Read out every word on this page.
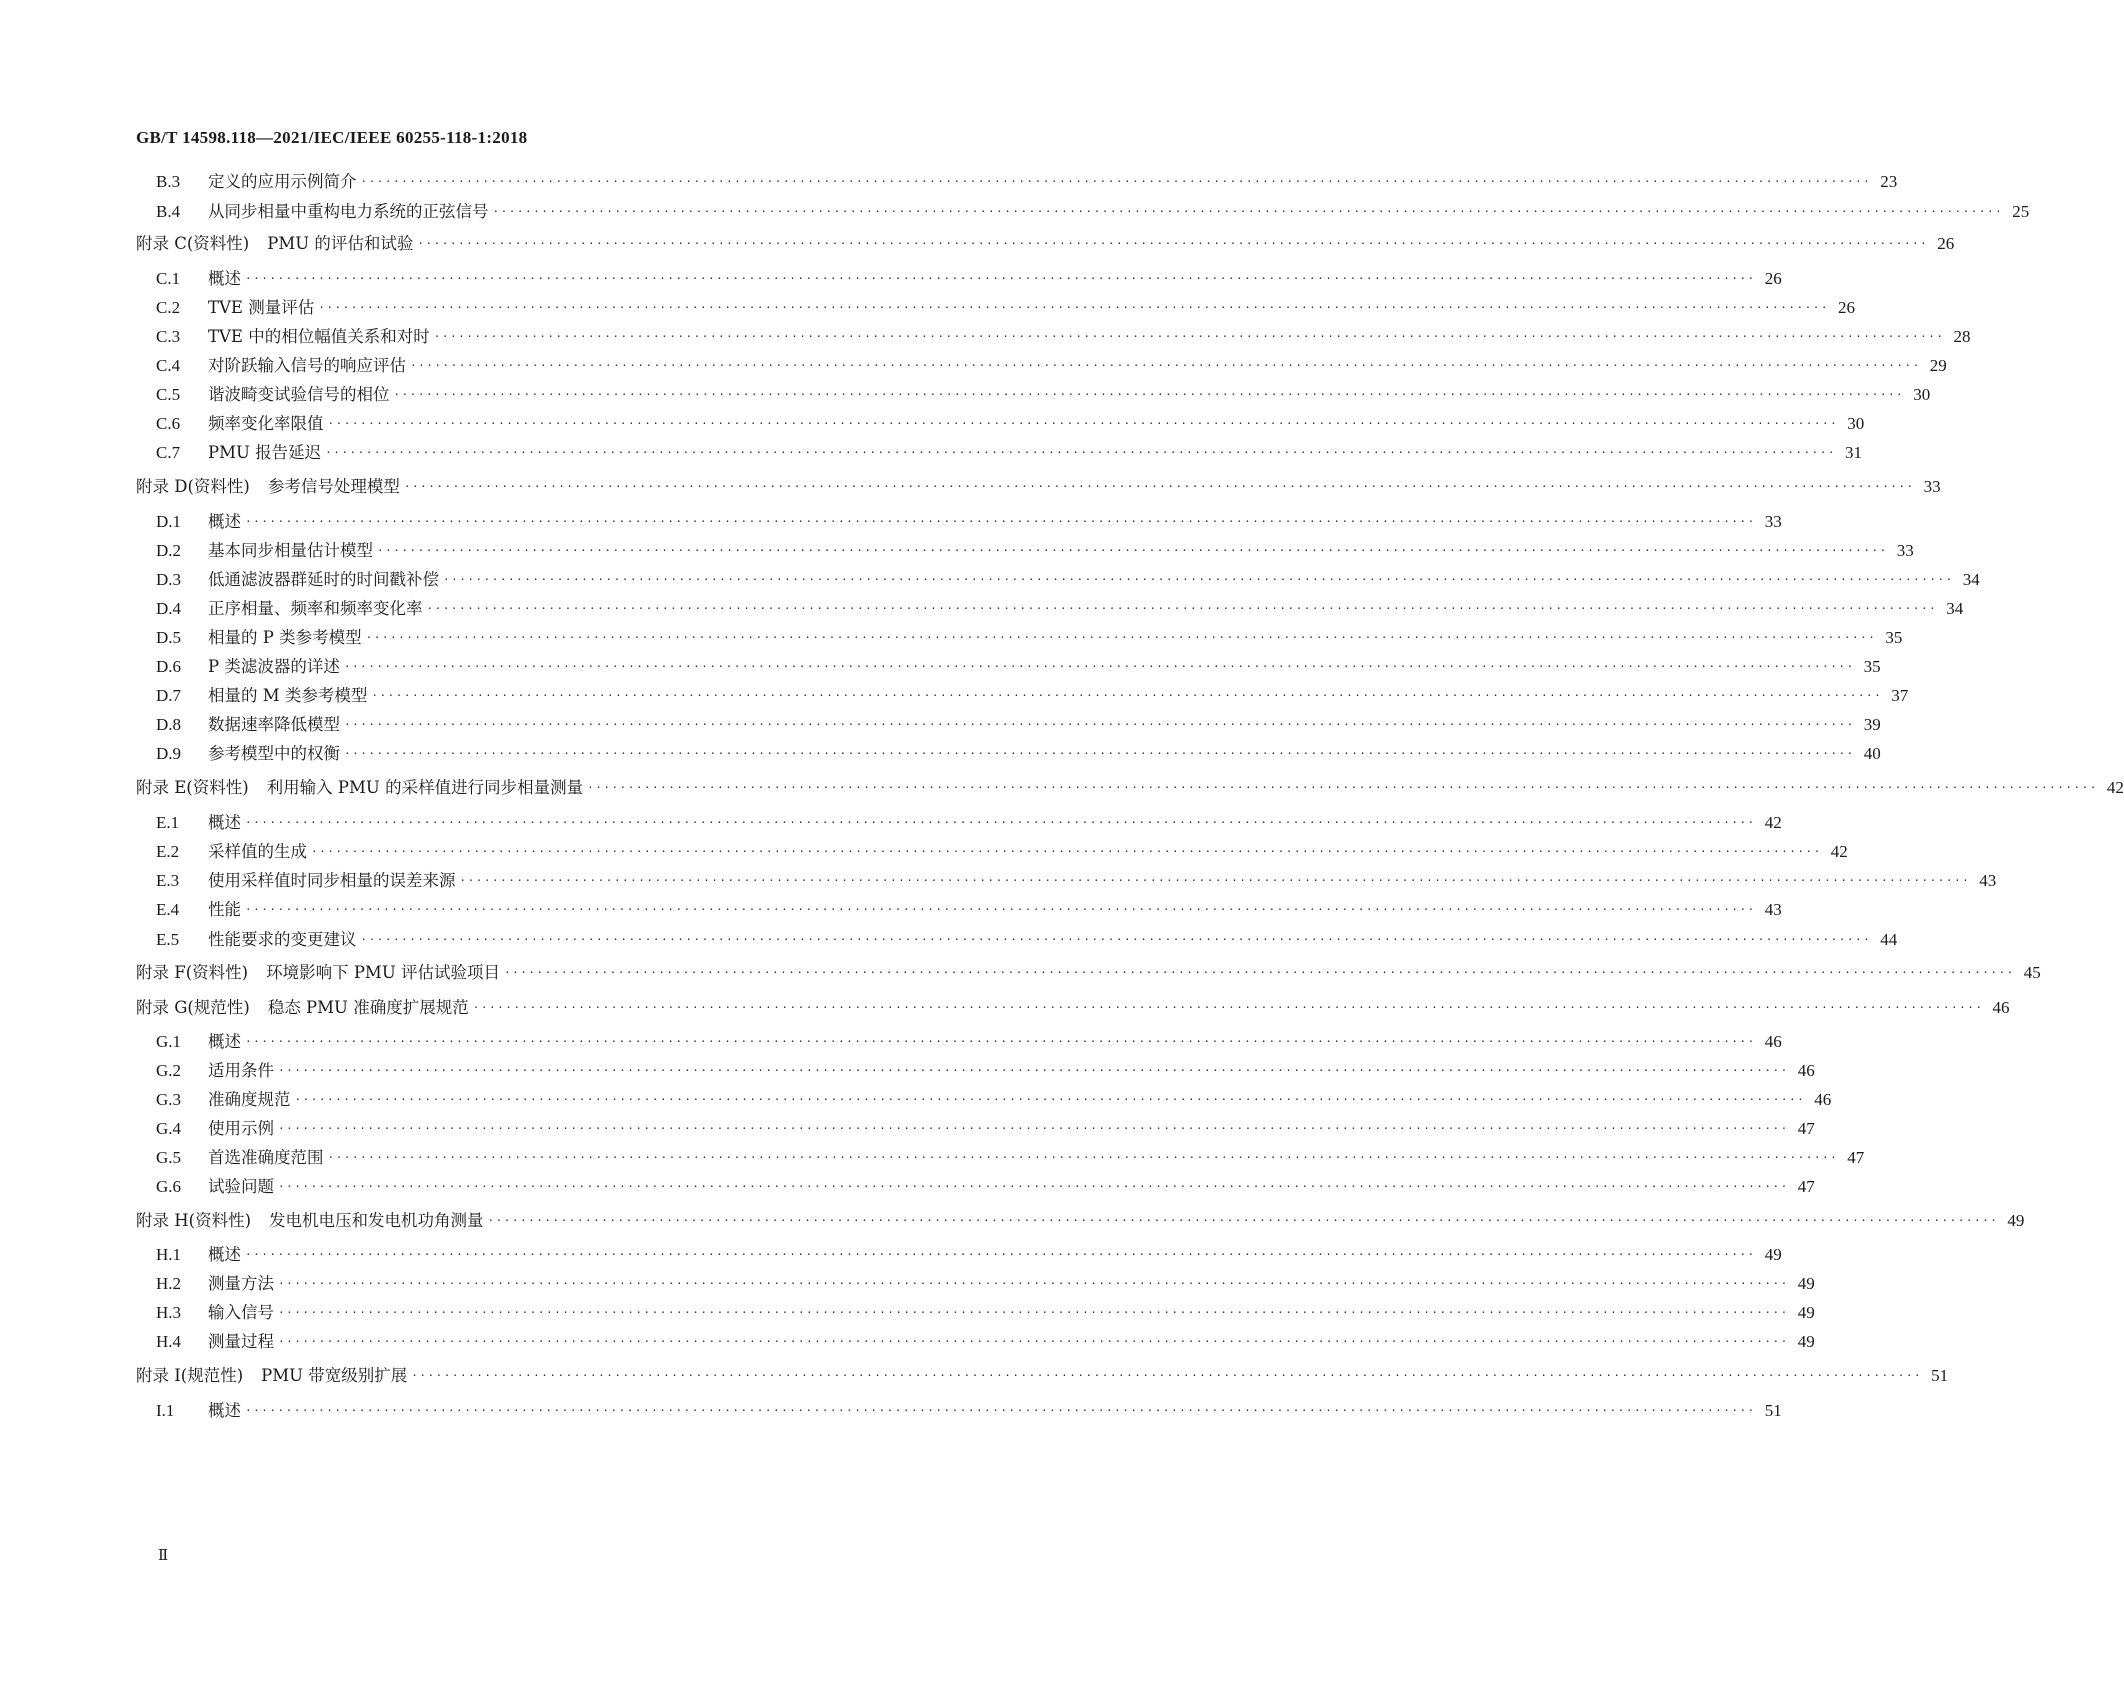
GB/T 14598.118—2021/IEC/IEEE 60255-118-1:2018
B.3	定义的应用示例简介 ·························································································································································································· 23
B.4	从同步相量中重构电力系统的正弦信号 ·························································································································································································· 25
附录 C(资料性) PMU 的评估和试验 ·························································································································································································· 26
C.1	概述 ·························································································································································································· 26
C.2	TVE 测量评估 ·························································································································································································· 26
C.3	TVE 中的相位幅值关系和对时 ·························································································································································································· 28
C.4	对阶跃输入信号的响应评估 ·························································································································································································· 29
C.5	谐波畸变试验信号的相位 ·························································································································································································· 30
C.6	频率变化率限值 ·························································································································································································· 30
C.7	PMU 报告延迟 ·························································································································································································· 31
附录 D(资料性) 参考信号处理模型 ·························································································································································································· 33
D.1	概述 ·························································································································································································· 33
D.2	基本同步相量估计模型 ·························································································································································································· 33
D.3	低通滤波器群延时的时间戳补偿 ·························································································································································································· 34
D.4	正序相量、频率和频率变化率 ·························································································································································································· 34
D.5	相量的 P 类参考模型 ·························································································································································································· 35
D.6	P 类滤波器的详述 ·························································································································································································· 35
D.7	相量的 M 类参考模型 ·························································································································································································· 37
D.8	数据速率降低模型 ·························································································································································································· 39
D.9	参考模型中的权衡 ·························································································································································································· 40
附录 E(资料性) 利用输入 PMU 的采样值进行同步相量测量 ·························································································································································································· 42
E.1	概述 ·························································································································································································· 42
E.2	采样值的生成 ·························································································································································································· 42
E.3	使用采样值时同步相量的误差来源 ·························································································································································································· 43
E.4	性能 ·························································································································································································· 43
E.5	性能要求的变更建议 ·························································································································································································· 44
附录 F(资料性) 环境影响下 PMU 评估试验项目 ·························································································································································································· 45
附录 G(规范性) 稳态 PMU 准确度扩展规范 ·························································································································································································· 46
G.1	概述 ·························································································································································································· 46
G.2	适用条件 ·························································································································································································· 46
G.3	准确度规范 ·························································································································································································· 46
G.4	使用示例 ·························································································································································································· 47
G.5	首选准确度范围 ·························································································································································································· 47
G.6	试验问题 ·························································································································································································· 47
附录 H(资料性) 发电机电压和发电机功角测量 ·························································································································································································· 49
H.1	概述 ·························································································································································································· 49
H.2	测量方法 ·························································································································································································· 49
H.3	输入信号 ·························································································································································································· 49
H.4	测量过程 ·························································································································································································· 49
附录 I(规范性) PMU 带宽级别扩展 ·························································································································································································· 51
I.1	概述 ·························································································································································································· 51
Ⅱ
